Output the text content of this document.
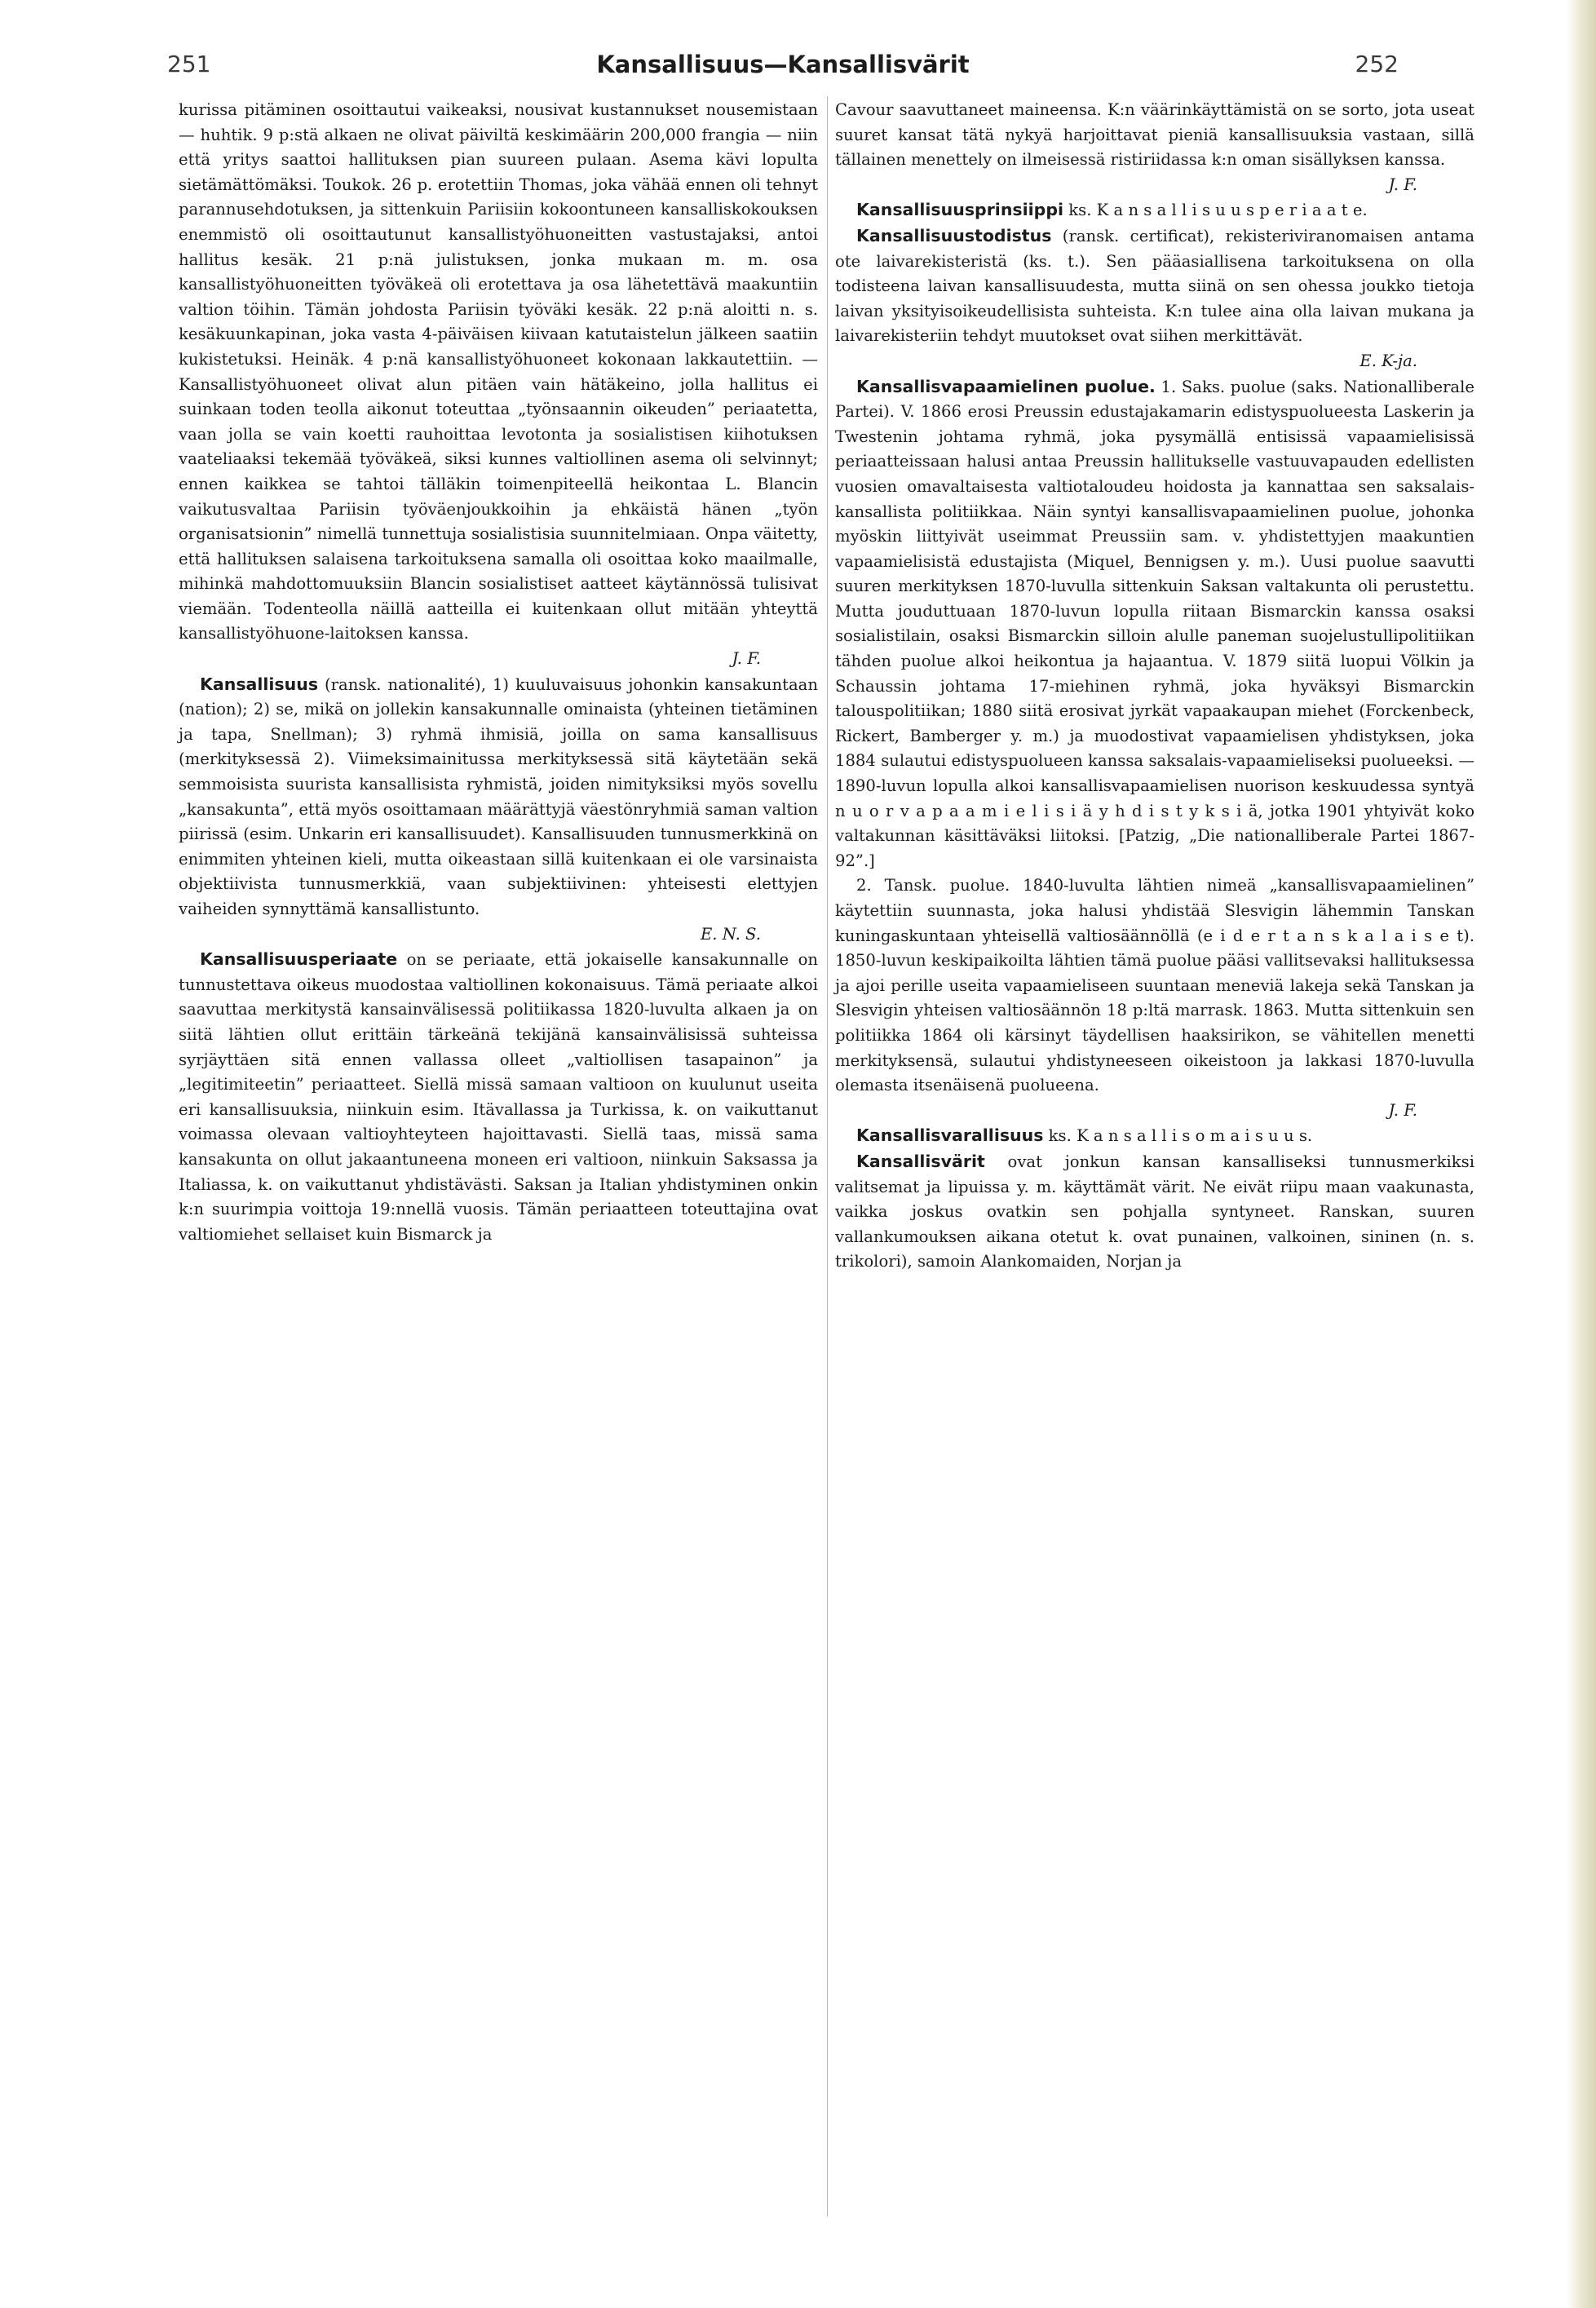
251	Kansallisuus—Kansallisvärit	252

kurissa pitäminen osoittautui vaikeaksi, nousivat kustannukset nousemistaan — huhtik. 9 p:stä alkaen ne olivat päiviltä keskimäärin 200,000 frangia — niin että yritys saattoi hallituksen pian suureen pulaan. Asema kävi lopulta sietämättömäksi. Toukok. 26 p. erotettiin Thomas, joka vähää ennen oli tehnyt parannusehdotuksen, ja sittenkuin Pariisiin kokoontuneen kansalliskokouksen enemmistö oli osoittautunut kansallistyöhuoneitten vastustajaksi, antoi hallitus kesäk. 21 p:nä julistuksen, jonka mukaan m. m. osa kansallistyöhuoneitten työväkeä oli erotettava ja osa lähetettävä maakuntiin valtion töihin. Tämän johdosta Pariisin työväki kesäk. 22 p:nä aloitti n. s. kesäkuunkapinan, joka vasta 4-päiväisen kiivaan katutaistelun jälkeen saatiin kukistetuksi. Heinäk. 4 p:nä kansallistyöhuoneet kokonaan lakkautettiin. — Kansallistyöhuoneet olivat alun pitäen vain hätäkeino, jolla hallitus ei suinkaan toden teolla aikonut toteuttaa „työnsaannin oikeuden” periaatetta, vaan jolla se vain koetti rauhoittaa levotonta ja sosialistisen kiihotuksen vaateliaaksi tekemää työväkeä, siksi kunnes valtiollinen asema oli selvinnyt; ennen kaikkea se tahtoi tälläkin toimenpiteellä heikontaa L. Blancin vaikutusvaltaa Pariisin työväenjoukkoihin ja ehkäistä hänen „työn organisatsionin” nimellä tunnettuja sosialistisia suunnitelmiaan. Onpa väitetty, että hallituksen salaisena tarkoituksena samalla oli osoittaa koko maailmalle, mihinkä mahdottomuuksiin Blancin sosialistiset aatteet käytännössä tulisivat viemään. Todenteolla näillä aatteilla ei kuitenkaan ollut mitään yhteyttä kansallistyöhuone-laitoksen kanssa.

J. F.

Kansallisuus (ransk. nationalité), 1) kuuluvaisuus johonkin kansakuntaan (nation); 2) se, mikä on jollekin kansakunnalle ominaista (yhteinen tietäminen ja tapa, Snellman); 3) ryhmä ihmisiä, joilla on sama kansallisuus (merkityksessä 2). Viimeksimainitussa merkityksessä sitä käytetään sekä semmoisista suurista kansallisista ryhmistä, joiden nimityksiksi myös sovellu „kansakunta”, että myös osoittamaan määrättyjä väestönryhmiä saman valtion piirissä (esim. Unkarin eri kansallisuudet). Kansallisuuden tunnusmerkkinä on enimmiten yhteinen kieli, mutta oikeastaan sillä kuitenkaan ei ole varsinaista objektiivista tunnusmerkkiä, vaan subjektiivinen: yhteisesti elettyjen vaiheiden synnyttämä kansallistunto.

E. N. S.

Kansallisuusperiaate on se periaate, että jokaiselle kansakunnalle on tunnustettava oikeus muodostaa valtiollinen kokonaisuus. Tämä periaate alkoi saavuttaa merkitystä kansainvälisessä politiikassa 1820-luvulta alkaen ja on siitä lähtien ollut erittäin tärkeänä tekijänä kansainvälisissä suhteissa syrjäyttäen sitä ennen vallassa olleet „valtiollisen tasapainon” ja „legitimiteetin” periaatteet. Siellä missä samaan valtioon on kuulunut useita eri kansallisuuksia, niinkuin esim. Itävallassa ja Turkissa, k. on vaikuttanut voimassa olevaan valtioyhteyteen hajoittavasti. Siellä taas, missä sama kansakunta on ollut jakaantuneena moneen eri valtioon, niinkuin Saksassa ja Italiassa, k. on vaikuttanut yhdistävästi. Saksan ja Italian yhdistyminen onkin k:n suurimpia voittoja 19:nnellä vuosis. Tämän periaatteen toteuttajina ovat valtiomiehet sellaiset kuin Bismarck ja

Cavour saavuttaneet maineensa. K:n väärinkäyttämistä on se sorto, jota useat suuret kansat tätä nykyä harjoittavat pieniä kansallisuuksia vastaan, sillä tällainen menettely on ilmeisessä ristiriidassa k:n oman sisällyksen kanssa.

J. F.

Kansallisuusprinsiippi ks. K a n s a l l i s u u s p e r i a a t e.

Kansallisuustodistus (ransk. certificat), rekisteriviranomaisen antama ote laivarekisteristä (ks. t.). Sen pääasiallisena tarkoituksena on olla todisteena laivan kansallisuudesta, mutta siinä on sen ohessa joukko tietoja laivan yksityisoikeudellisista suhteista. K:n tulee aina olla laivan mukana ja laivarekisteriin tehdyt muutokset ovat siihen merkittävät.

E. K-ja.

Kansallisvapaamielinen puolue. 1. Saks. puolue (saks. Nationalliberale Partei). V. 1866 erosi Preussin edustajakamarin edistyspuolueesta Laskerin ja Twestenin johtama ryhmä, joka pysymällä entisissä vapaamielisissä periaatteissaan halusi antaa Preussin hallitukselle vastuuvapauden edellisten vuosien omavaltaisesta valtiotaloudeu hoidosta ja kannattaa sen saksalais-kansallista politiikkaa. Näin syntyi kansallisvapaamielinen puolue, johonka myöskin liittyivät useimmat Preussiin sam. v. yhdistettyjen maakuntien vapaamielisistä edustajista (Miquel, Bennigsen y. m.). Uusi puolue saavutti suuren merkityksen 1870-luvulla sittenkuin Saksan valtakunta oli perustettu. Mutta jouduttuaan 1870-luvun lopulla riitaan Bismarckin kanssa osaksi sosialistilain, osaksi Bismarckin silloin alulle paneman suojelustullipolitiikan tähden puolue alkoi heikontua ja hajaantua. V. 1879 siitä luopui Völkin ja Schaussin johtama 17-miehinen ryhmä, joka hyväksyi Bismarckin talouspolitiikan; 1880 siitä erosivat jyrkät vapaakaupan miehet (Forckenbeck, Rickert, Bamberger y. m.) ja muodostivat vapaamielisen yhdistyksen, joka 1884 sulautui edistyspuolueen kanssa saksalais-vapaamieliseksi puolueeksi. — 1890-luvun lopulla alkoi kansallisvapaamielisen nuorison keskuudessa syntyä n u o r v a p a a m i e l i s i ä y h d i s t y k s i ä, jotka 1901 yhtyivät koko valtakunnan käsittäväksi liitoksi. [Patzig, „Die nationalliberale Partei 1867-92”.]

2. Tansk. puolue. 1840-luvulta lähtien nimeä „kansallisvapaamielinen” käytettiin suunnasta, joka halusi yhdistää Slesvigin lähemmin Tanskan kuningaskuntaan yhteisellä valtiosäännöllä (e i d e r t a n s k a l a i s e t). 1850-luvun keskipaikoilta lähtien tämä puolue pääsi vallitsevaksi hallituksessa ja ajoi perille useita vapaamieliseen suuntaan meneviä lakeja sekä Tanskan ja Slesvigin yhteisen valtiosäännön 18 p:ltä marrask. 1863. Mutta sittenkuin sen politiikka 1864 oli kärsinyt täydellisen haaksirikon, se vähitellen menetti merkityksensä, sulautui yhdistyneeseen oikeistoon ja lakkasi 1870-luvulla olemasta itsenäisenä puolueena.

J. F.

Kansallisvarallisuus ks. K a n s a l l i s o m a i s u u s.

Kansallisvärit ovat jonkun kansan kansalliseksi tunnusmerkiksi valitsemat ja lipuissa y. m. käyttämät värit. Ne eivät riipu maan vaakunasta, vaikka joskus ovatkin sen pohjalla syntyneet. Ranskan, suuren vallankumouksen aikana otetut k. ovat punainen, valkoinen, sininen (n. s. trikolori), samoin Alankomaiden, Norjan ja
